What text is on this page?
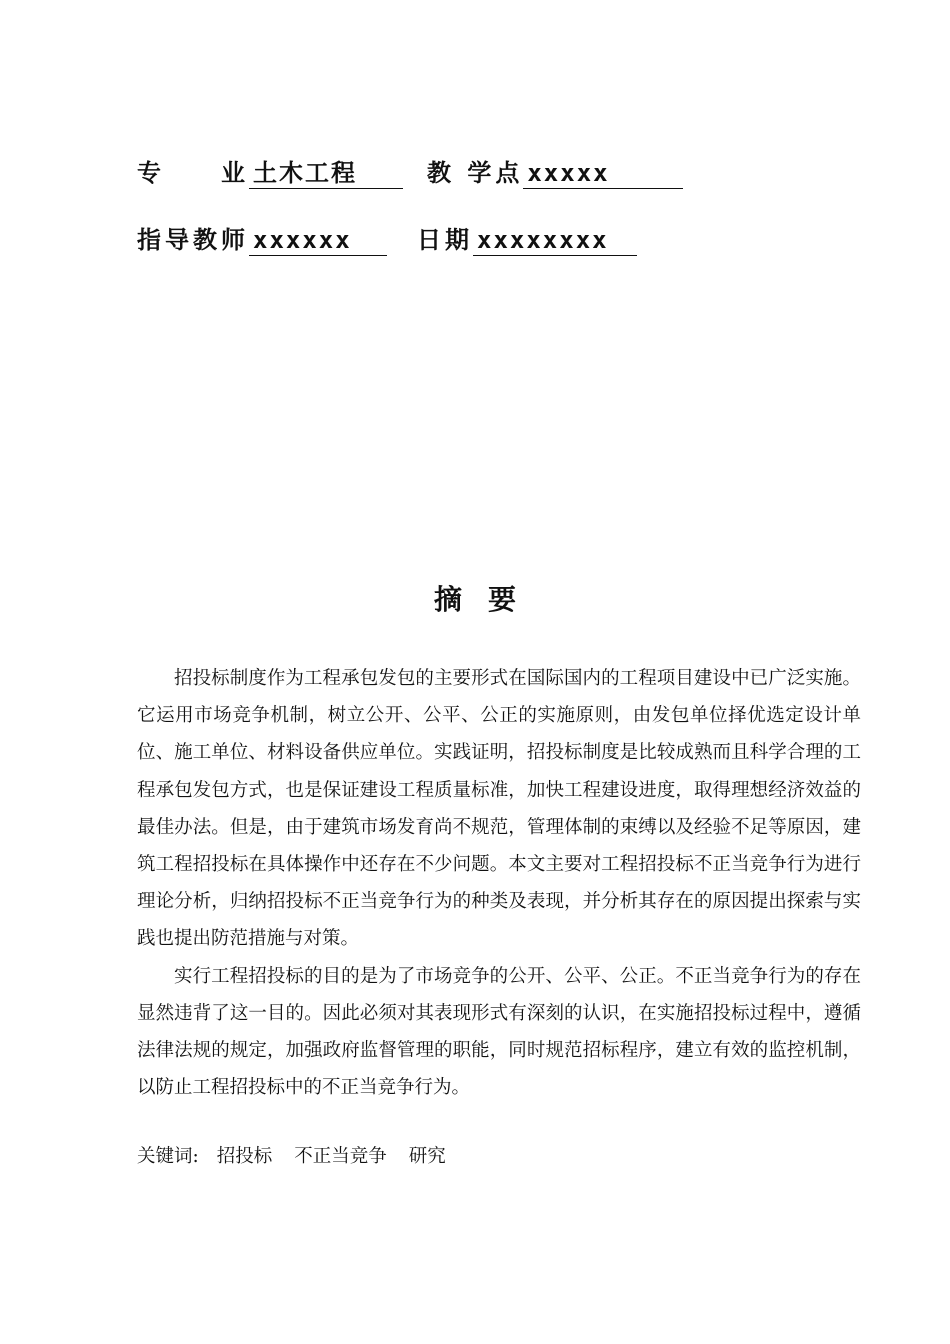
专　　业 土木工程	教 学点 xxxxx
指导教师 xxxxxx	日期 xxxxxxxx
摘要

招投标制度作为工程承包发包的主要形式在国际国内的工程项目建设中已广泛实施。它运用市场竞争机制，树立公开、公平、公正的实施原则，由发包单位择优选定设计单位、施工单位、材料设备供应单位。实践证明，招投标制度是比较成熟而且科学合理的工程承包发包方式，也是保证建设工程质量标准，加快工程建设进度，取得理想经济效益的最佳办法。但是，由于建筑市场发育尚不规范，管理体制的束缚以及经验不足等原因，建筑工程招投标在具体操作中还存在不少问题。本文主要对工程招投标不正当竞争行为进行理论分析，归纳招投标不正当竞争行为的种类及表现，并分析其存在的原因提出探索与实践也提出防范措施与对策。

实行工程招投标的目的是为了市场竞争的公开、公平、公正。不正当竞争行为的存在显然违背了这一目的。因此必须对其表现形式有深刻的认识，在实施招投标过程中，遵循法律法规的规定，加强政府监督管理的职能，同时规范招标程序，建立有效的监控机制，以防止工程招投标中的不正当竞争行为。

关键词: 招投标 不正当竞争 研究
